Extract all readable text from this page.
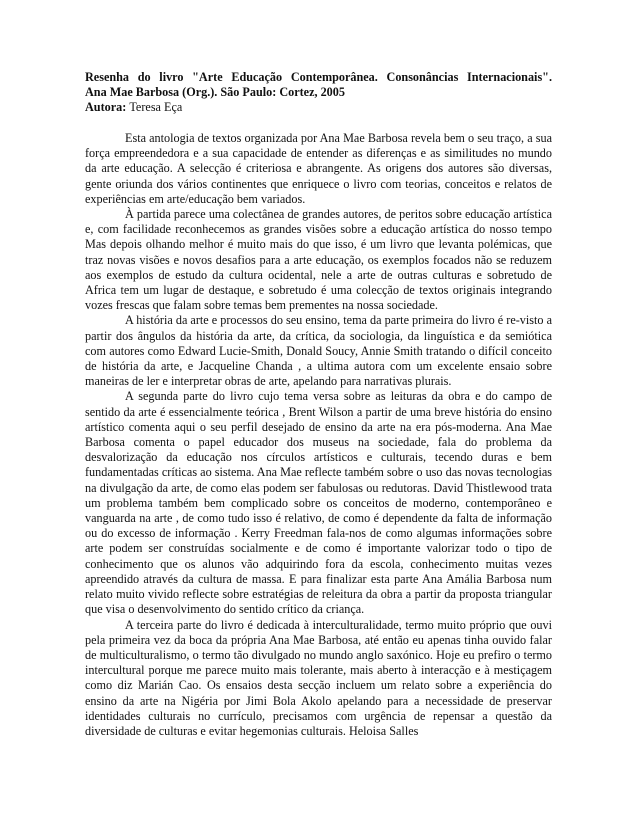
Resenha do livro "Arte Educação Contemporânea. Consonâncias Internacionais".

Ana Mae Barbosa (Org.). São Paulo: Cortez, 2005

Autora: Teresa Eça

Esta antologia de textos organizada por Ana Mae Barbosa revela bem o seu traço, a sua força empreendedora e a sua capacidade de entender as diferenças e as similitudes no mundo da arte educação. A selecção é criteriosa e abrangente. As origens dos autores são diversas, gente oriunda dos vários continentes que enriquece o livro com teorias, conceitos e relatos de experiências em arte/educação bem variados.

À partida parece uma colectânea de grandes autores, de peritos sobre educação artística e, com facilidade reconhecemos as grandes visões sobre a educação artística do nosso tempo Mas depois olhando melhor é muito mais do que isso, é um livro que levanta polémicas, que traz novas visões e novos desafios para a arte educação, os exemplos focados não se reduzem aos exemplos de estudo da cultura ocidental, nele a arte de outras culturas e sobretudo de Africa tem um lugar de destaque, e sobretudo é uma colecção de textos originais integrando vozes frescas que falam sobre temas bem prementes na nossa sociedade.

A história da arte e processos do seu ensino, tema da parte primeira do livro é re-visto a partir dos ângulos da história da arte, da crítica, da sociologia, da linguística e da semiótica com autores como Edward Lucie-Smith, Donald Soucy, Annie Smith tratando o difícil conceito de história da arte, e Jacqueline Chanda , a ultima autora com um excelente ensaio sobre maneiras de ler e interpretar obras de arte, apelando para narrativas plurais.

A segunda parte do livro cujo tema versa sobre as leituras da obra e do campo de sentido da arte é essencialmente teórica , Brent Wilson a partir de uma breve história do ensino artístico comenta aqui o seu perfil desejado de ensino da arte na era pós-moderna. Ana Mae Barbosa comenta o papel educador dos museus na sociedade, fala do problema da desvalorização da educação nos círculos artísticos e culturais, tecendo duras e bem fundamentadas críticas ao sistema. Ana Mae reflecte também sobre o uso das novas tecnologias na divulgação da arte, de como elas podem ser fabulosas ou redutoras. David Thistlewood trata um problema também bem complicado sobre os conceitos de moderno, contemporâneo e vanguarda na arte , de como tudo isso é relativo, de como é dependente da falta de informação ou do excesso de informação . Kerry Freedman fala-nos de como algumas informações sobre arte podem ser construídas socialmente e de como é importante valorizar todo o tipo de conhecimento que os alunos vão adquirindo fora da escola, conhecimento muitas vezes apreendido através da cultura de massa. E para finalizar esta parte Ana Amália Barbosa num relato muito vivido reflecte sobre estratégias de releitura da obra a partir da proposta triangular que visa o desenvolvimento do sentido crítico da criança.

A terceira parte do livro é dedicada à interculturalidade, termo muito próprio que ouvi pela primeira vez da boca da própria Ana Mae Barbosa, até então eu apenas tinha ouvido falar de multiculturalismo, o termo tão divulgado no mundo anglo saxónico. Hoje eu prefiro o termo intercultural porque me parece muito mais tolerante, mais aberto à interacção e à mestiçagem como diz Marián Cao. Os ensaios desta secção incluem um relato sobre a experiência do ensino da arte na Nigéria por Jimi Bola Akolo apelando para a necessidade de preservar identidades culturais no currículo, precisamos com urgência de repensar a questão da diversidade de culturas e evitar hegemonias culturais. Heloisa Salles
